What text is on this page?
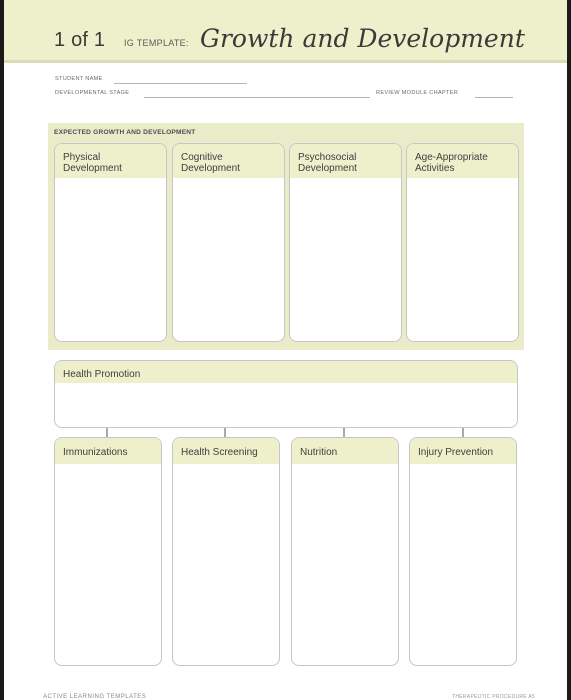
1 of 1 IG TEMPLATE: Growth and Development
STUDENT NAME
DEVELOPMENTAL STAGE	REVIEW MODULE CHAPTER
EXPECTED GROWTH AND DEVELOPMENT
Physical
Development
Cognitive
Development
Psychosocial
Development
Age-Appropriate
Activities
Health Promotion
Immunizations	Health Screening	Nutrition	Injury Prevention
ACTIVE LEARNING TEMPLATES	THERAPEUTIC PROCEDURE A5
